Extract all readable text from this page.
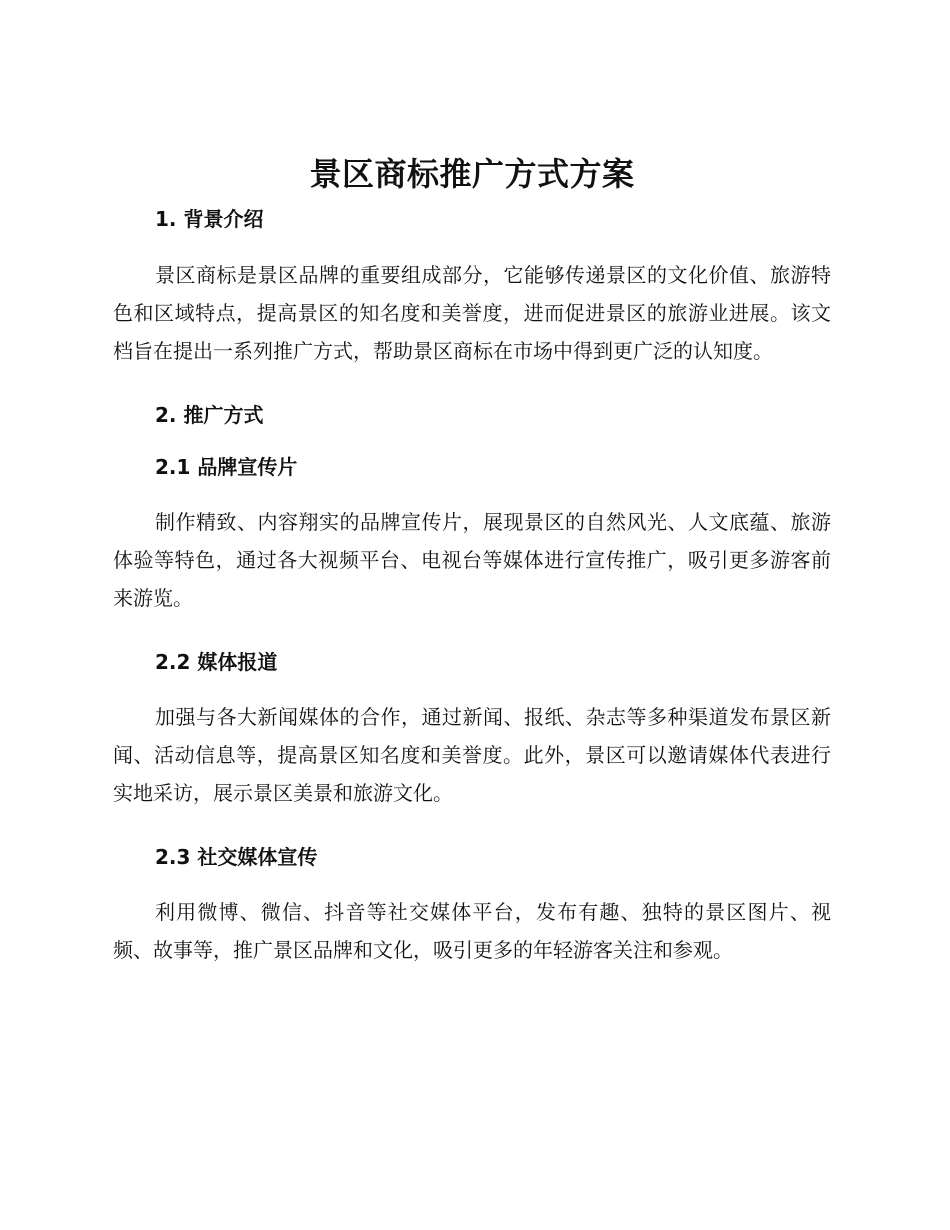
景区商标推广方式方案
1. 背景介绍

景区商标是景区品牌的重要组成部分，它能够传递景区的文化价值、旅游特色和区域特点，提高景区的知名度和美誉度，进而促进景区的旅游业进展。该文档旨在提出一系列推广方式，帮助景区商标在市场中得到更广泛的认知度。

2. 推广方式
2.1 品牌宣传片

制作精致、内容翔实的品牌宣传片，展现景区的自然风光、人文底蕴、旅游体验等特色，通过各大视频平台、电视台等媒体进行宣传推广，吸引更多游客前来游览。

2.2 媒体报道

加强与各大新闻媒体的合作，通过新闻、报纸、杂志等多种渠道发布景区新闻、活动信息等，提高景区知名度和美誉度。此外，景区可以邀请媒体代表进行实地采访，展示景区美景和旅游文化。

2.3 社交媒体宣传

利用微博、微信、抖音等社交媒体平台，发布有趣、独特的景区图片、视频、故事等，推广景区品牌和文化，吸引更多的年轻游客关注和参观。
